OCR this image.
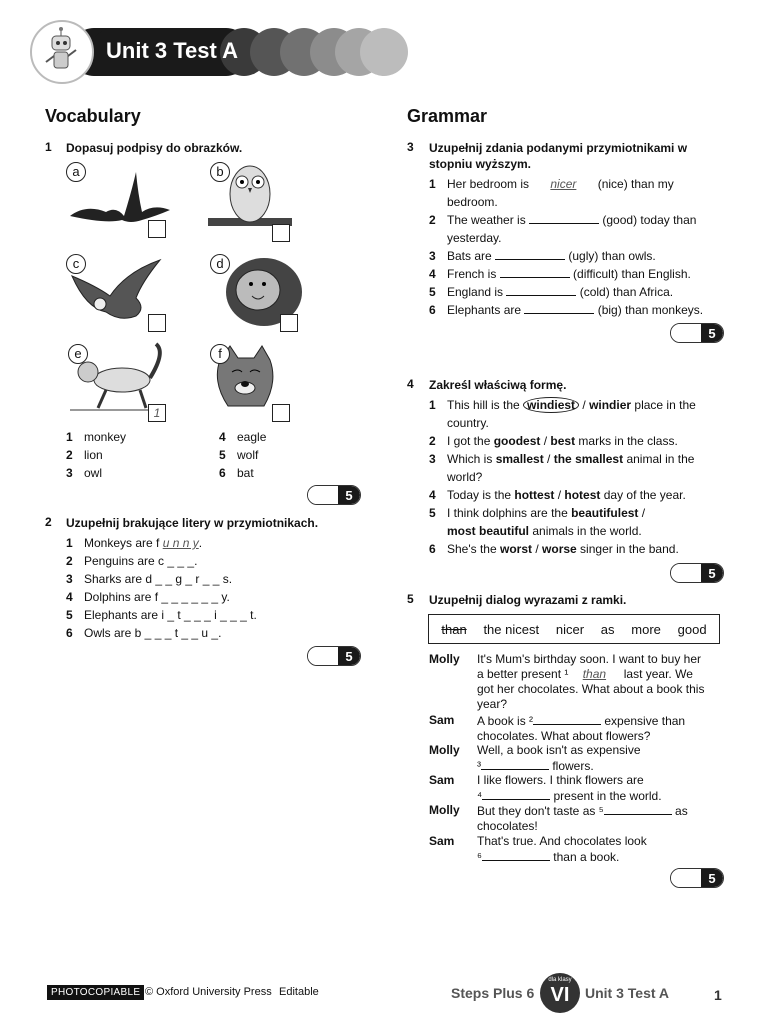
Unit 3 Test A
Vocabulary
1 Dopasuj podpisy do obrazków.
a	b
c	d
e
1
f
1 monkey
2 lion
3 owl
4 eagle
5 wolf
6 bat
5
2 Uzupełnij brakujące litery w przymiotnikach.
1 Monkeys are f u n n y.
2 Penguins are c _ _ _.
3 Sharks are d _ _ g _ r _ _ s.
4 Dolphins are f _ _ _ _ _ _ y.
5 Elephants are i _ t _ _ _ i _ _ _ t.
6 Owls are b _ _ _ t _ _ u _.
5
Grammar
3 Uzupełnij zdania podanymi przymiotnikami w stopniu wyższym.
1 Her bedroom is nicer (nice) than my
bedroom.
2 The weather is	(good) today than
yesterday.
3 Bats are	(ugly) than owls.
4 French is	(difficult) than English.
5 England is	(cold) than Africa.
6 Elephants are	(big) than monkeys.
5
4 Zakreśl właściwą formę.
1 This hill is the windiest / windier place in the
country.
2 I got the goodest / best marks in the class.
3 Which is smallest / the smallest animal in the
world?
4 Today is the hottest / hotest day of the year.
5 I think dolphins are the beautifulest /
most beautiful animals in the world.
6 She's the worst / worse singer in the band.
5
5 Uzupełnij dialog wyrazami z ramki.
than the nicest nicer as more good
Molly It's Mum's birthday soon. I want to buy her
a better present ¹ than last year. We
got her chocolates. What about a book this
year?
Sam A book is ²	expensive than
chocolates. What about flowers?
Molly Well, a book isn't as expensive
³	flowers.
Sam I like flowers. I think flowers are
⁴	present in the world.
Molly But they don't taste as ⁵	as
chocolates!
Sam That's true. And chocolates look
⁶	than a book.
5
PHOTOCOPIABLE © Oxford University Press Editable	Steps Plus 6
dla klasy
VI	Unit 3 Test A	1
